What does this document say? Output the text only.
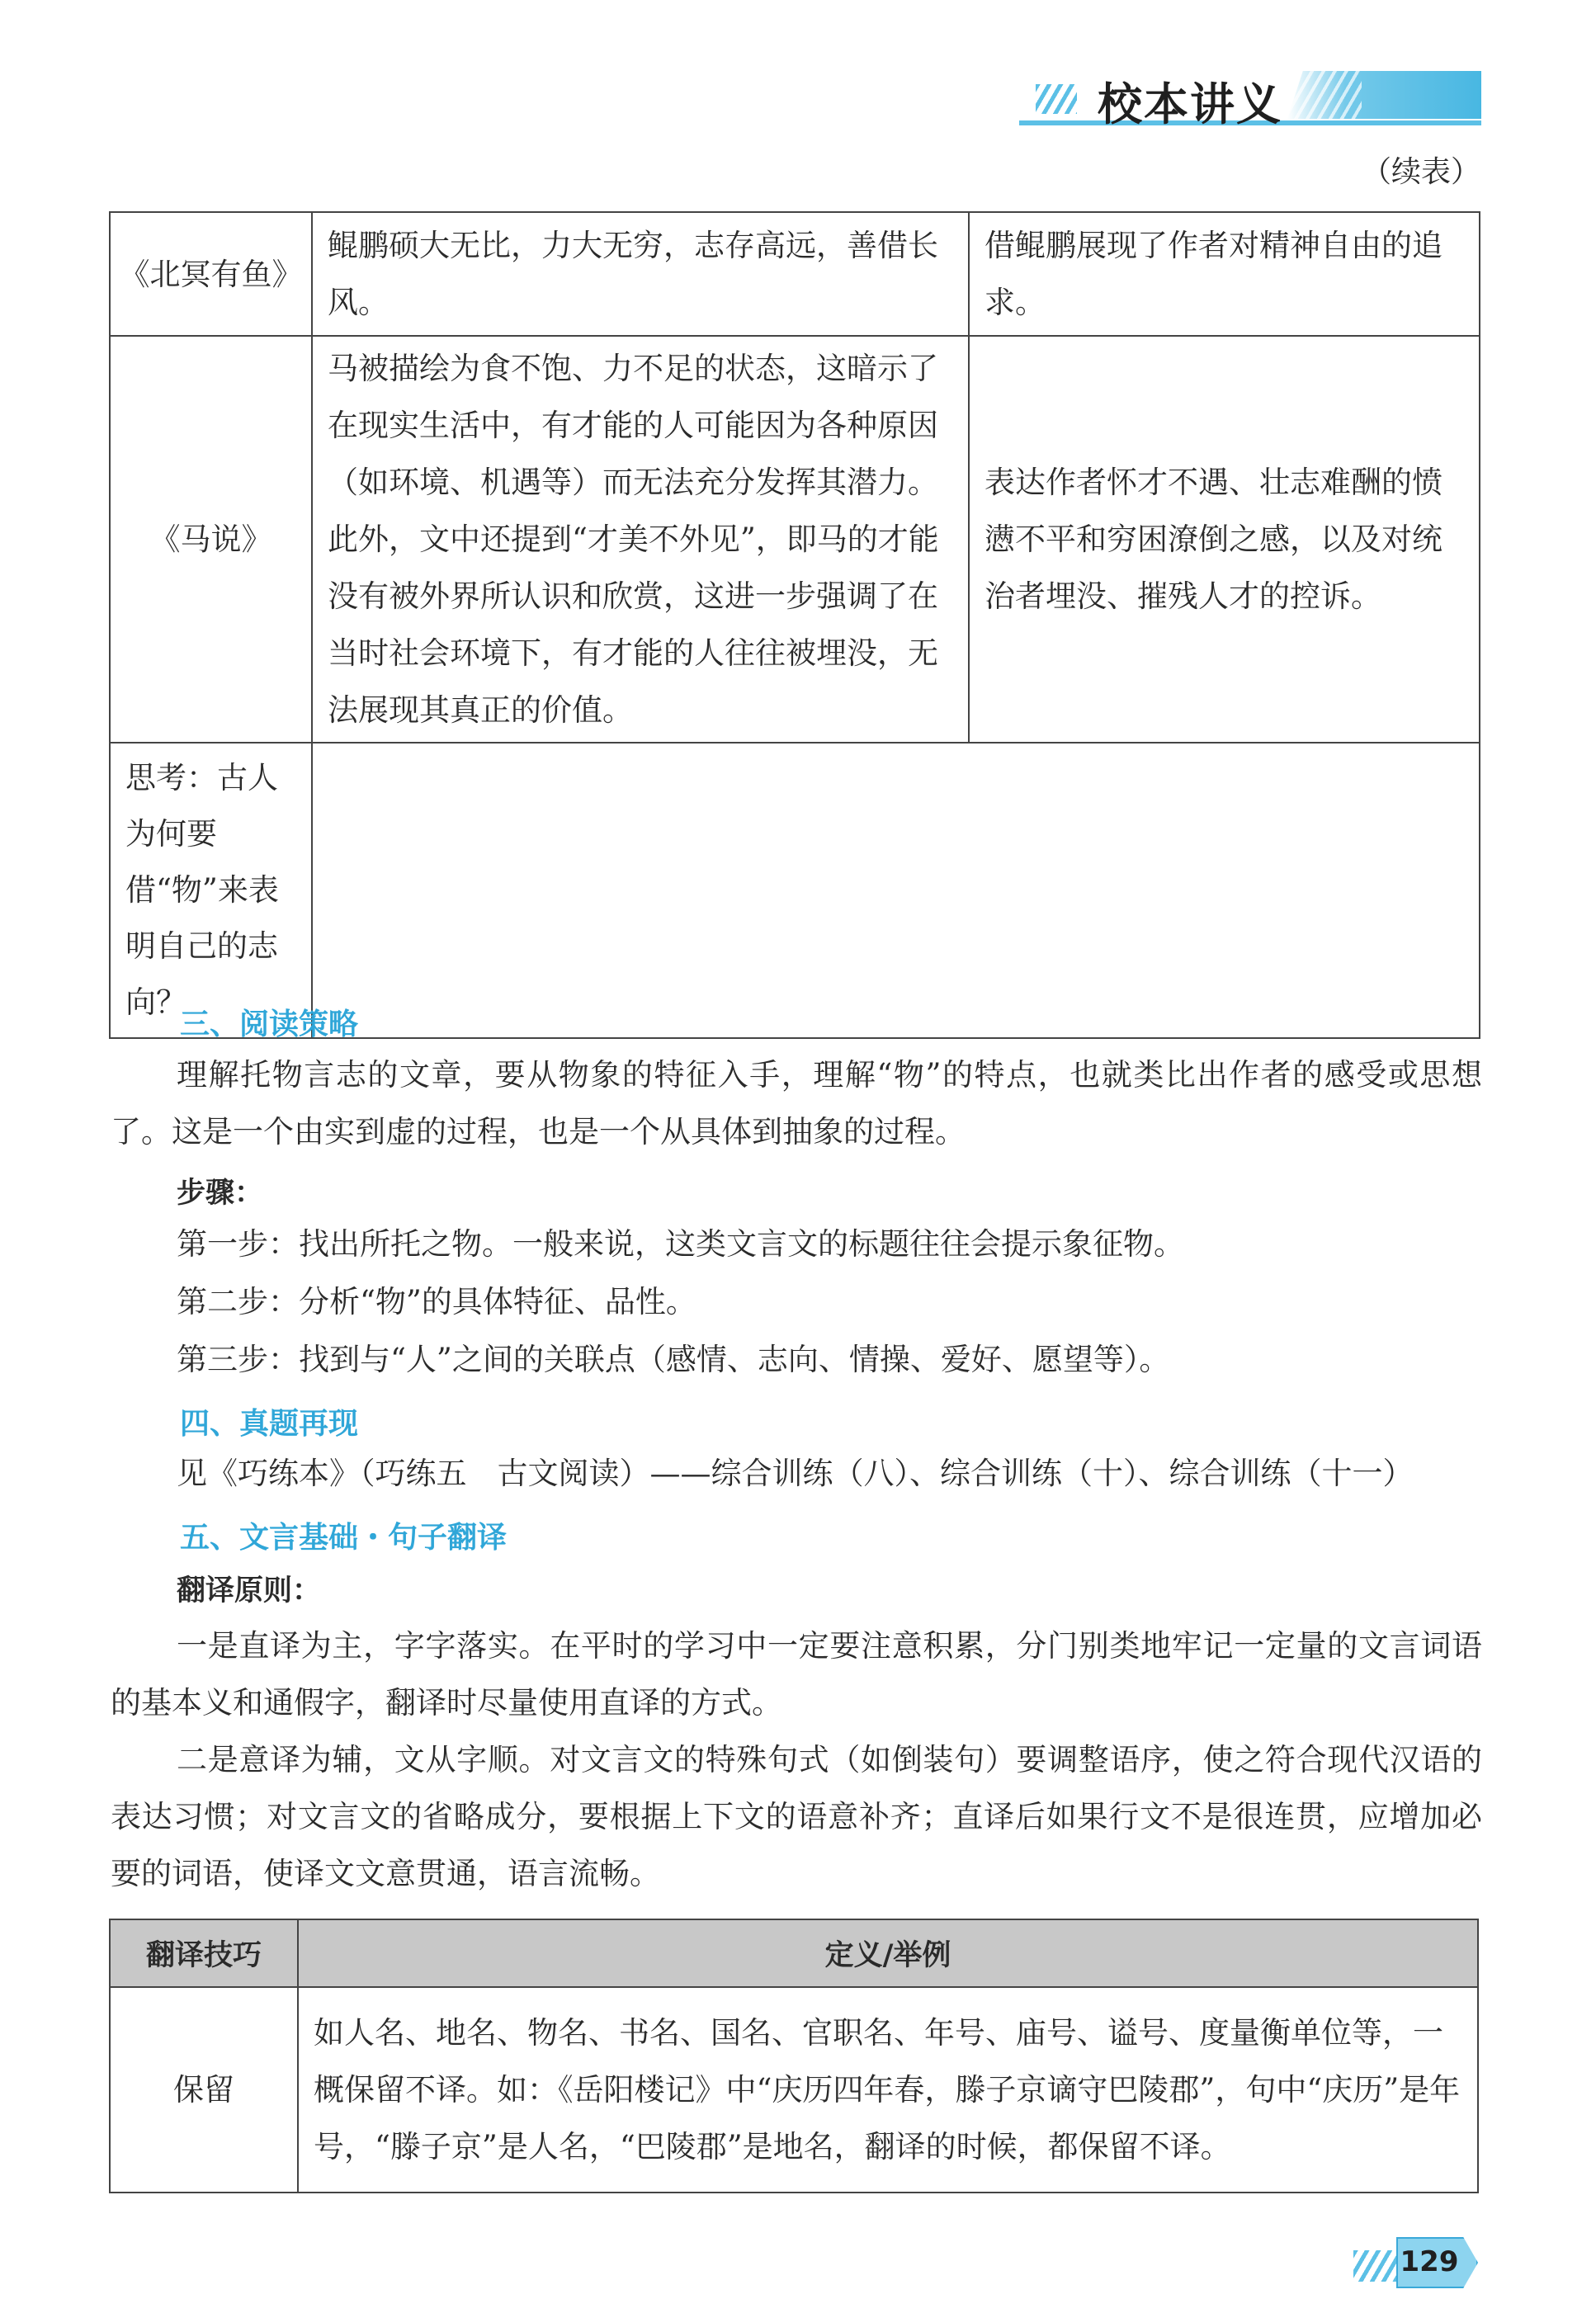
校本讲义
（续表）
《北冥有鱼》	鲲鹏硕大无比，力大无穷，志存高远，善借长风。	借鲲鹏展现了作者对精神自由的追求。
《马说》	马被描绘为食不饱、力不足的状态，这暗示了在现实生活中，有才能的人可能因为各种原因（如环境、机遇等）而无法充分发挥其潜力。此外，文中还提到“才美不外见”，即马的才能没有被外界所认识和欣赏，这进一步强调了在当时社会环境下，有才能的人往往被埋没，无法展现其真正的价值。	表达作者怀才不遇、壮志难酬的愤懑不平和穷困潦倒之感，以及对统治者埋没、摧残人才的控诉。
思考：古人为何要借“物”来表明自己的志向？		
三、阅读策略
理解托物言志的文章，要从物象的特征入手，理解“物”的特点，也就类比出作者的感受或思想了。这是一个由实到虚的过程，也是一个从具体到抽象的过程。
步骤：
第一步：找出所托之物。一般来说，这类文言文的标题往往会提示象征物。
第二步：分析“物”的具体特征、品性。
第三步：找到与“人”之间的关联点（感情、志向、情操、爱好、愿望等）。
四、真题再现
见《巧练本》（巧练五　古文阅读）——综合训练（八）、综合训练（十）、综合训练（十一）
五、文言基础・句子翻译
翻译原则：
一是直译为主，字字落实。在平时的学习中一定要注意积累，分门别类地牢记一定量的文言词语的基本义和通假字，翻译时尽量使用直译的方式。
二是意译为辅，文从字顺。对文言文的特殊句式（如倒装句）要调整语序，使之符合现代汉语的表达习惯；对文言文的省略成分，要根据上下文的语意补齐；直译后如果行文不是很连贯，应增加必要的词语，使译文文意贯通，语言流畅。
翻译技巧	定义/举例
保留	如人名、地名、物名、书名、国名、官职名、年号、庙号、谥号、度量衡单位等，一概保留不译。如：《岳阳楼记》中“庆历四年春，滕子京谪守巴陵郡”，句中“庆历”是年号，“滕子京”是人名，“巴陵郡”是地名，翻译的时候，都保留不译。
129
